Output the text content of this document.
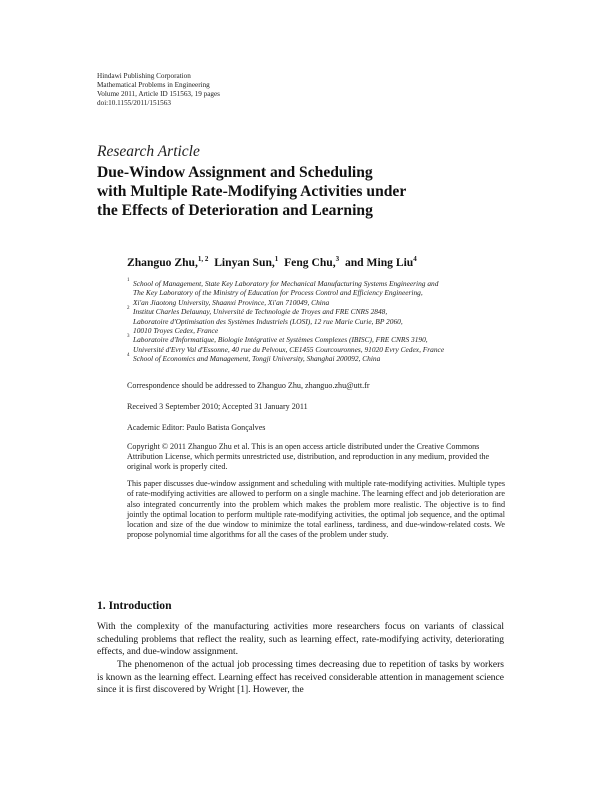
Hindawi Publishing Corporation
Mathematical Problems in Engineering
Volume 2011, Article ID 151563, 19 pages
doi:10.1155/2011/151563
Research Article
Due-Window Assignment and Scheduling
with Multiple Rate-Modifying Activities under
the Effects of Deterioration and Learning
Zhanguo Zhu,$^{1, 2}$ Linyan Sun,$^1$ Feng Chu,$^3$ and Ming Liu$^4$
1 School of Management, State Key Laboratory for Mechanical Manufacturing Systems Engineering and
The Key Laboratory of the Ministry of Education for Process Control and Efficiency Engineering,
Xi'an Jiaotong University, Shaanxi Province, Xi'an 710049, China
2 Institut Charles Delaunay, Université de Technologie de Troyes and FRE CNRS 2848,
Laboratoire d'Optimisation des Systèmes Industriels (LOSI), 12 rue Marie Curie, BP 2060,
10010 Troyes Cedex, France
3 Laboratoire d'Informatique, Biologie Intégrative et Systèmes Complexes (IBISC), FRE CNRS 3190,
Université d'Evry Val d'Essonne, 40 rue du Pelvoux, CE1455 Courcouronnes, 91020 Evry Cedex, France
4 School of Economics and Management, Tongji University, Shanghai 200092, China
Correspondence should be addressed to Zhanguo Zhu, zhanguo.zhu@utt.fr
Received 3 September 2010; Accepted 31 January 2011
Academic Editor: Paulo Batista Gonçalves
Copyright © 2011 Zhanguo Zhu et al. This is an open access article distributed under the Creative Commons Attribution License, which permits unrestricted use, distribution, and reproduction in any medium, provided the original work is properly cited.
This paper discusses due-window assignment and scheduling with multiple rate-modifying activities. Multiple types of rate-modifying activities are allowed to perform on a single machine. The learning effect and job deterioration are also integrated concurrently into the problem which makes the problem more realistic. The objective is to find jointly the optimal location to perform multiple rate-modifying activities, the optimal job sequence, and the optimal location and size of the due window to minimize the total earliness, tardiness, and due-window-related costs. We propose polynomial time algorithms for all the cases of the problem under study.
1. Introduction

With the complexity of the manufacturing activities more researchers focus on variants of classical scheduling problems that reflect the reality, such as learning effect, rate-modifying activity, deteriorating effects, and due-window assignment.

The phenomenon of the actual job processing times decreasing due to repetition of tasks by workers is known as the learning effect. Learning effect has received considerable attention in management science since it is first discovered by Wright [1]. However, the
